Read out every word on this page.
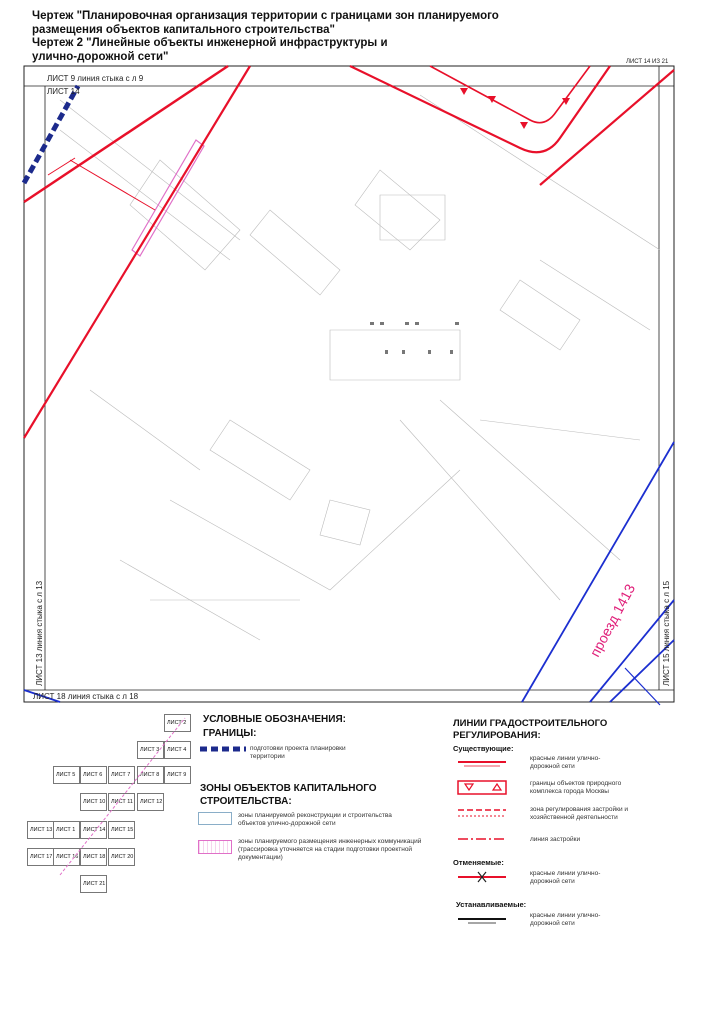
Чертеж "Планировочная организация территории с границами зон планируемого
размещения объектов капитального строительства"
Чертеж 2 "Линейные объекты инженерной инфраструктуры и
улично-дорожной сети"
проезд 1413
ЛИСТ 14 ИЗ 21
ЛИСТ 9 линия стыка с л 9
ЛИСТ 14
ЛИСТ 13 линия стыка с л 13	ЛИСТ 15 линия стыка с л 15
ЛИСТ 18 линия стыка с л 18
ЛИСТ 1
ЛИСТ 2
ЛИСТ 3	ЛИСТ 4
ЛИСТ 5	ЛИСТ 6	ЛИСТ 7	ЛИСТ 8	ЛИСТ 9
ЛИСТ 10	ЛИСТ 11	ЛИСТ 12
ЛИСТ 13	ЛИСТ 14	ЛИСТ 15
ЛИСТ 16
ЛИСТ 17	ЛИСТ 18	ЛИСТ 20
ЛИСТ 21
УСЛОВНЫЕ ОБОЗНАЧЕНИЯ:
ГРАНИЦЫ:
подготовки проекта планировки территории
ЗОНЫ ОБЪЕКТОВ КАПИТАЛЬНОГО
СТРОИТЕЛЬСТВА:
зоны планируемой реконструкции и строительства объектов улично-дорожной сети
зоны планируемого размещения инженерных коммуникаций (трассировка уточняется на стадии подготовки проектной документации)
ЛИНИИ ГРАДОСТРОИТЕЛЬНОГО
РЕГУЛИРОВАНИЯ:
Существующие:
красные линии улично-дорожной сети
границы объектов природного комплекса города Москвы
зона регулирования застройки и хозяйственной деятельности
линия застройки
Отменяемые:
красные линии улично-дорожной сети
Устанавливаемые:
красные линии улично-дорожной сети
